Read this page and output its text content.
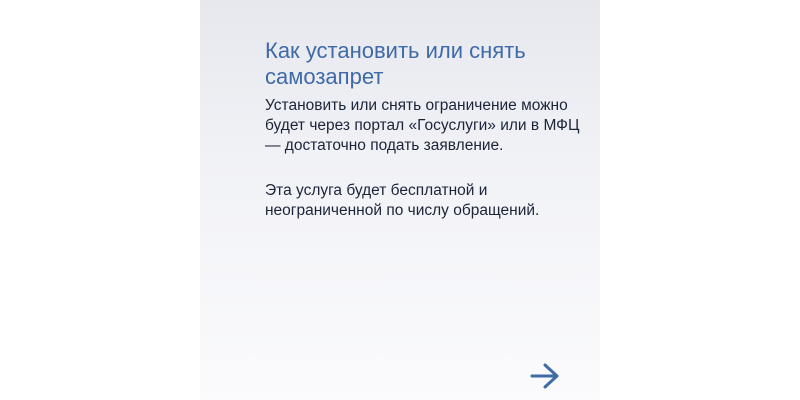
Как установить или снять самозапрет

Установить или снять ограничение можно будет через портал «Госуслуги» или в МФЦ — достаточно подать заявление.

Эта услуга будет бесплатной и неограниченной по числу обращений.
